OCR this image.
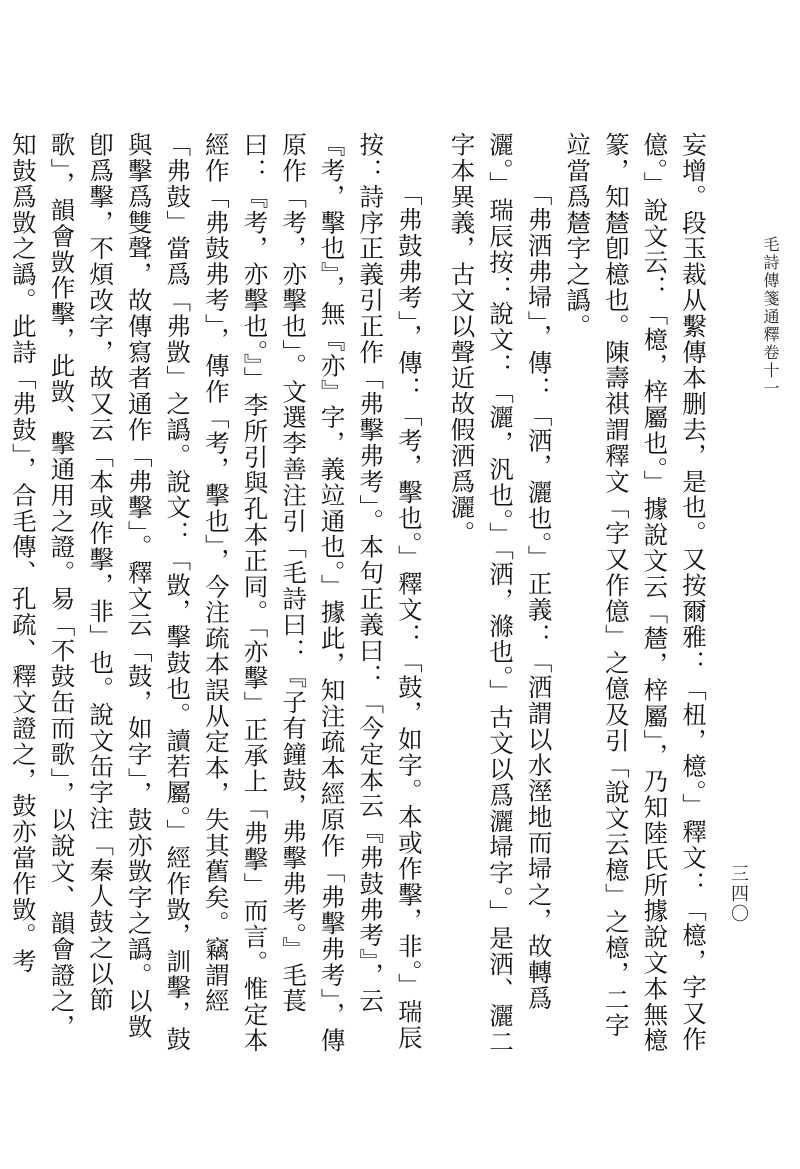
毛詩傳箋通釋卷十一
三四〇

妄增。段玉裁从繫傳本删去，是也。又按爾雅：「杻，檍。」釋文：「檍，字又作億。」說文云：「檍，梓屬也。」據說文云「㯄，梓屬」，乃知陸氏所據說文本無檍篆，知㯄卽檍也。陳壽祺謂釋文「字又作億」之億及引「說文云檍」之檍，二字竝當爲㯄字之譌。

「弗洒弗埽」，傳：「洒，灑也。」正義：「洒謂以水溼地而埽之，故轉爲灑。」瑞辰按：說文：「灑，汎也。」「洒，滌也。」古文以爲灑埽字。」是洒、灑二字本異義，古文以聲近故假洒爲灑。

「弗鼓弗考」，傳：「考，擊也。」釋文：「鼓，如字。本或作擊，非。」瑞辰按：詩序正義引正作「弗擊弗考」。本句正義曰：「今定本云『弗鼓弗考』，云『考，擊也』，無『亦』字，義竝通也。」據此，知注疏本經原作「弗擊弗考」，傳原作「考，亦擊也」。文選李善注引「毛詩曰：『子有鐘鼓，弗擊弗考。』毛萇曰：『考，亦擊也。』」李所引與孔本正同。「亦擊」正承上「弗擊」而言。惟定本經作「弗鼓弗考」，傳作「考，擊也」，今注疏本誤从定本，失其舊矣。竊謂經「弗鼓」當爲「弗敳」之譌。說文：「敳，擊鼓也。讀若屬。」經作敳，訓擊，鼓與擊爲雙聲，故傳寫者通作「弗擊」。釋文云「鼓，如字」，鼓亦敳字之譌。以敳卽爲擊，不煩改字，故又云「本或作擊，非」也。說文缶字注「秦人鼓之以節歌」，韻會敳作擊，此敳、擊通用之證。易「不鼓缶而歌」，以說文、韻會證之，知鼓爲敳之譌。此詩「弗鼓」，合毛傳、孔疏、釋文證之，鼓亦當作敳。考
